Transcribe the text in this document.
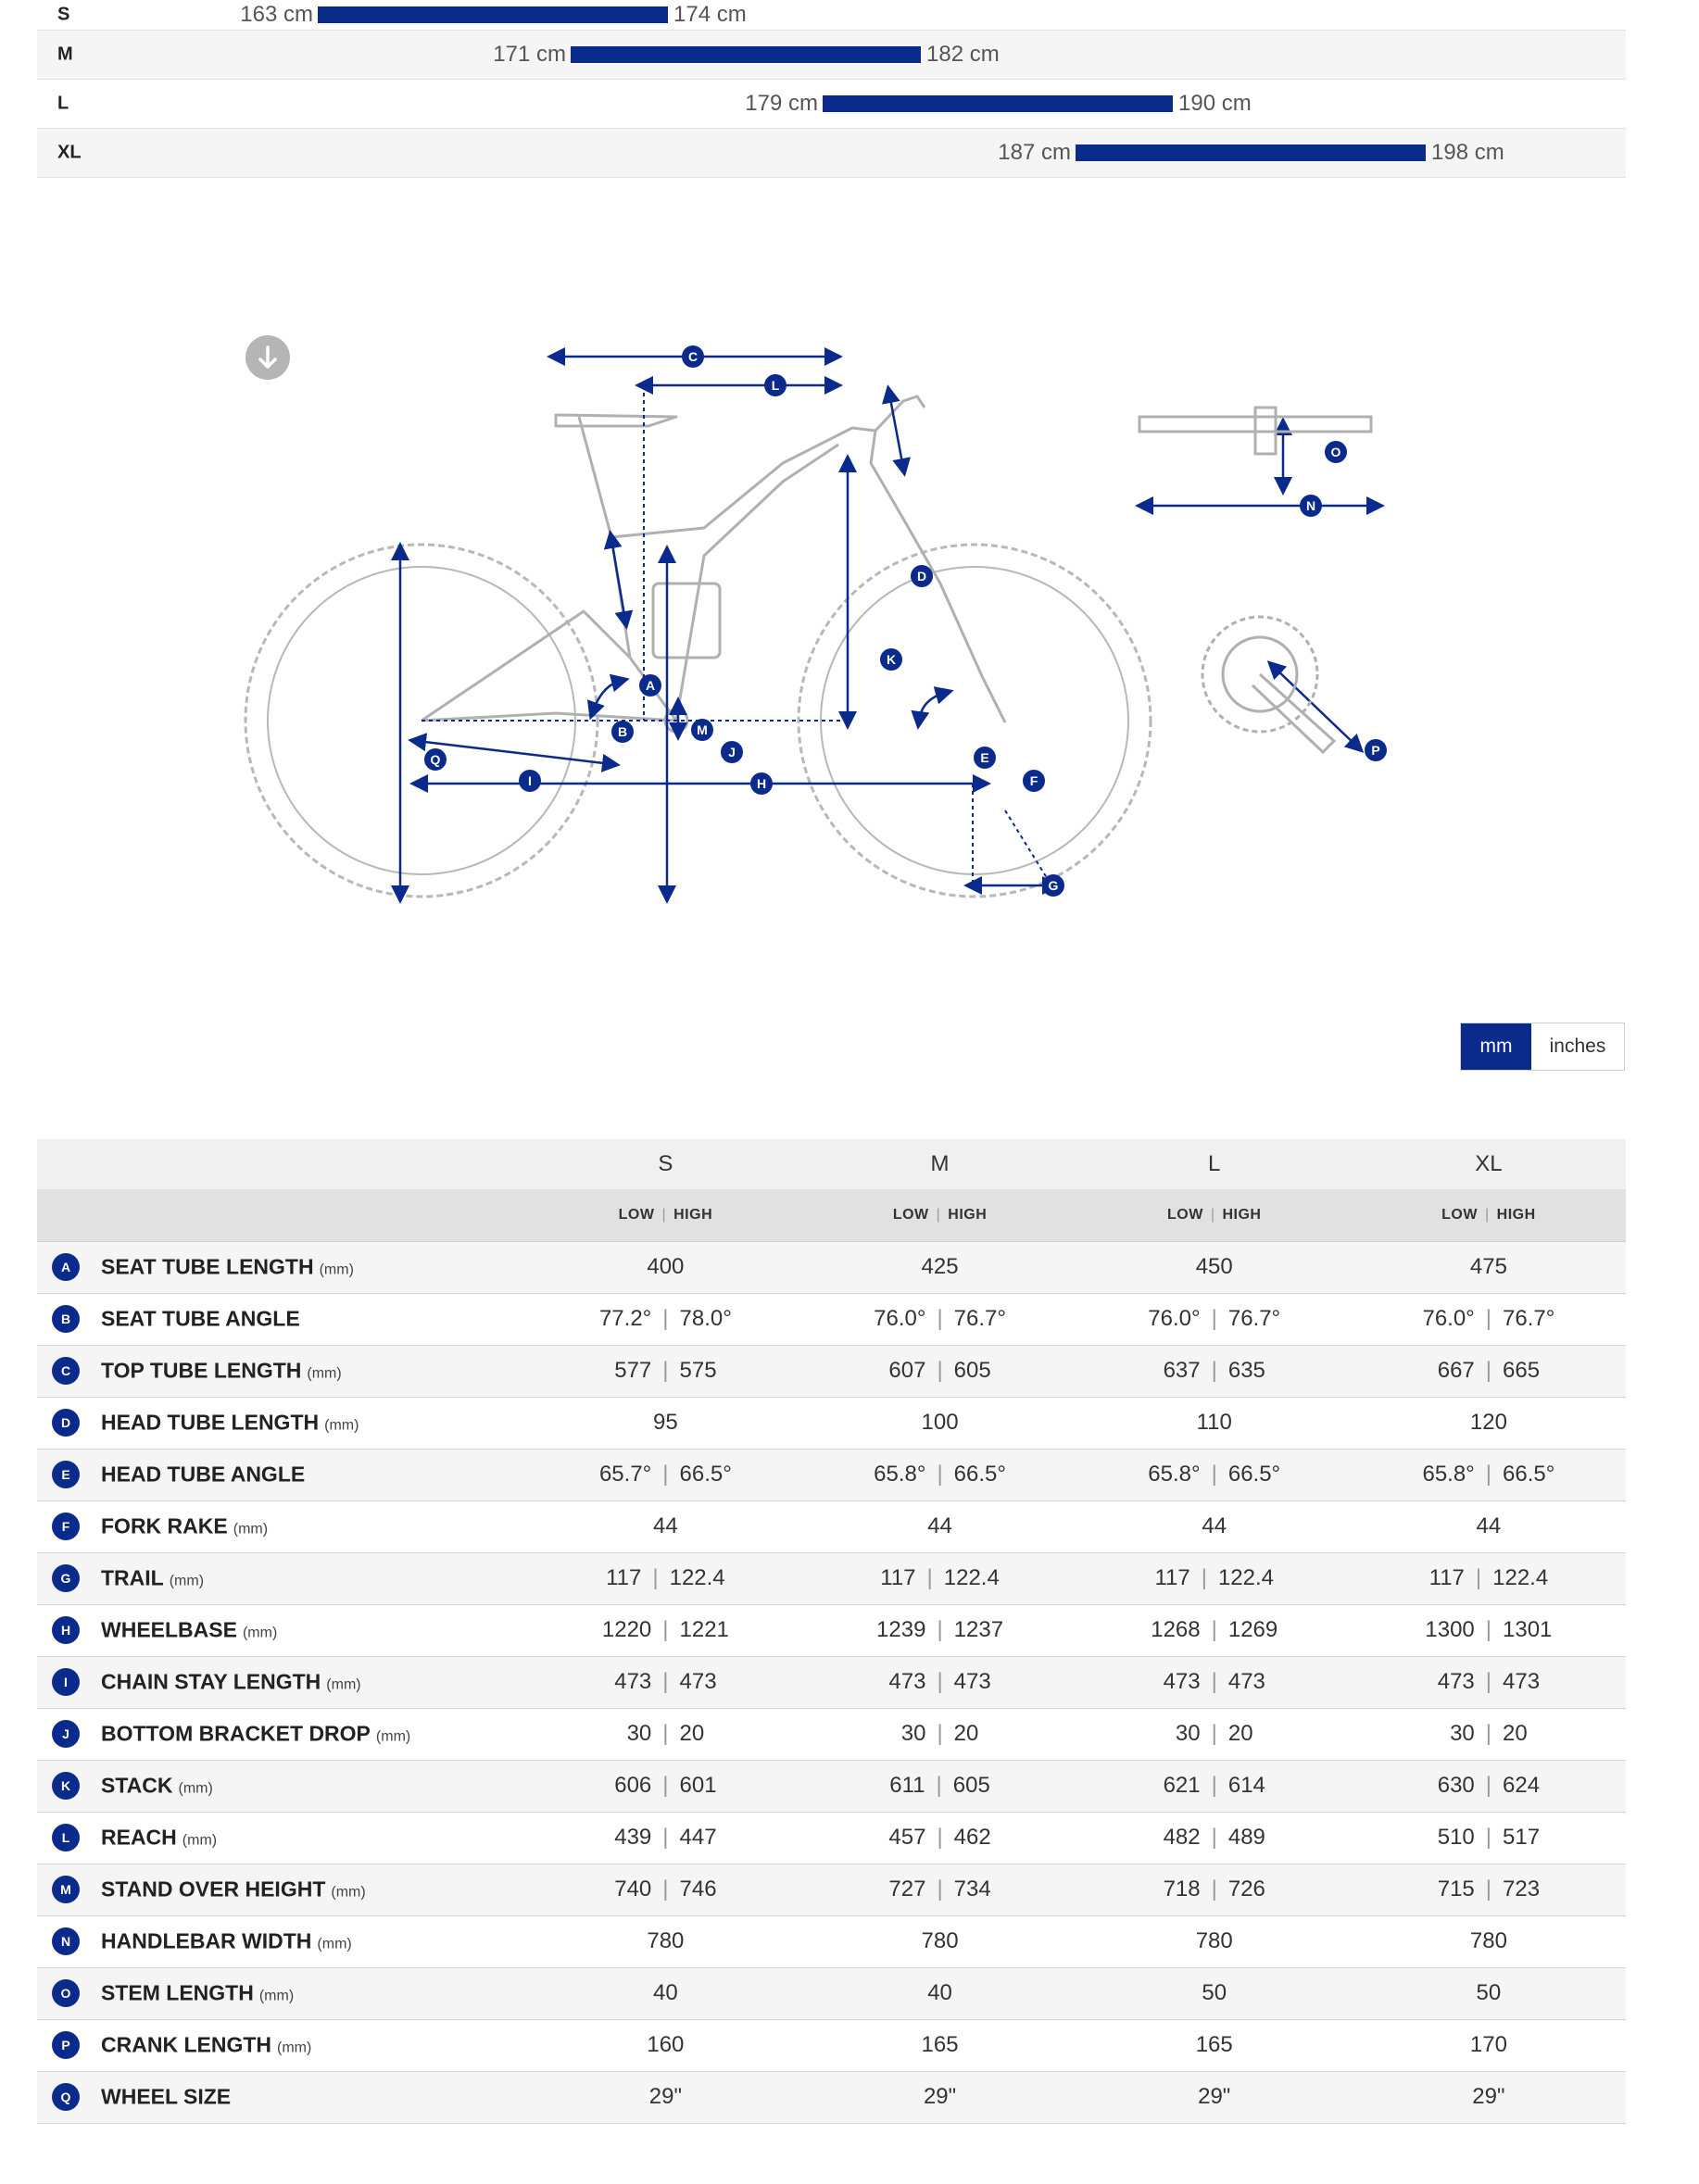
S	163 cm	174 cm
M	171 cm	182 cm
L	179 cm	190 cm
XL	187 cm	198 cm
A
B
C
D
E
F
G
H
I
J
K
L
M
N
O
P
Q
mm	inches
	S	M	L	XL
	LOW | HIGH	LOW | HIGH	LOW | HIGH	LOW | HIGH

A SEAT TUBE LENGTH (mm)	400	425	450	475

B SEAT TUBE ANGLE	77.2° | 78.0°	76.0° | 76.7°	76.0° | 76.7°	76.0° | 76.7°

C TOP TUBE LENGTH (mm)	577 | 575	607 | 605	637 | 635	667 | 665

D HEAD TUBE LENGTH (mm)	95	100	110	120

E HEAD TUBE ANGLE	65.7° | 66.5°	65.8° | 66.5°	65.8° | 66.5°	65.8° | 66.5°

F FORK RAKE (mm)	44	44	44	44

G TRAIL (mm)	117 | 122.4	117 | 122.4	117 | 122.4	117 | 122.4

H WHEELBASE (mm)	1220 | 1221	1239 | 1237	1268 | 1269	1300 | 1301

I CHAIN STAY LENGTH (mm)	473 | 473	473 | 473	473 | 473	473 | 473

J BOTTOM BRACKET DROP (mm)	30 | 20	30 | 20	30 | 20	30 | 20

K STACK (mm)	606 | 601	611 | 605	621 | 614	630 | 624

L REACH (mm)	439 | 447	457 | 462	482 | 489	510 | 517

M STAND OVER HEIGHT (mm)	740 | 746	727 | 734	718 | 726	715 | 723

N HANDLEBAR WIDTH (mm)	780	780	780	780

O STEM LENGTH (mm)	40	40	50	50

P CRANK LENGTH (mm)	160	165	165	170

Q WHEEL SIZE	29"	29"	29"	29"
